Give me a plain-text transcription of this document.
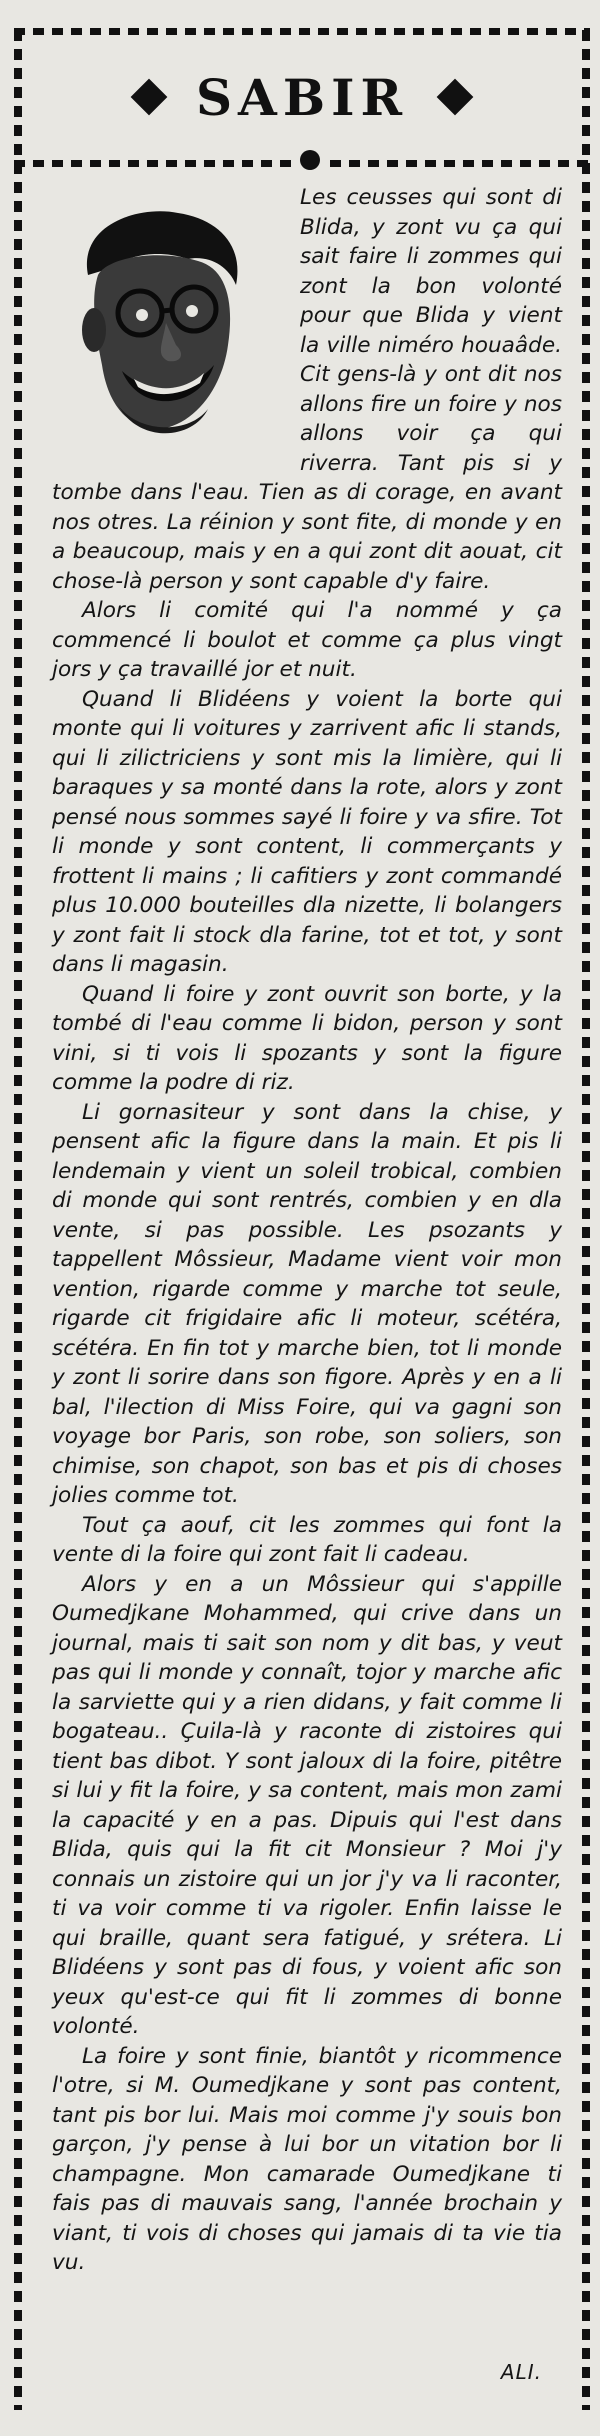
SABIR

Les ceusses qui sont di Blida, y zont vu ça qui sait faire li zommes qui zont la bon volonté pour que Blida y vient la ville niméro houaâde. Cit gens-là y ont dit nos allons fire un foire y nos allons voir ça qui riverra. Tant pis si y tombe dans l'eau. Tien as di corage, en avant nos otres. La réinion y sont fite, di monde y en a beaucoup, mais y en a qui zont dit aouat, cit chose-là person y sont capable d'y faire.

Alors li comité qui l'a nommé y ça commencé li boulot et comme ça plus vingt jors y ça travaillé jor et nuit.

Quand li Blidéens y voient la borte qui monte qui li voitures y zarrivent afic li stands, qui li zilictriciens y sont mis la limière, qui li baraques y sa monté dans la rote, alors y zont pensé nous sommes sayé li foire y va sfire. Tot li monde y sont content, li commerçants y frottent li mains ; li cafitiers y zont commandé plus 10.000 bouteilles dla nizette, li bolangers y zont fait li stock dla farine, tot et tot, y sont dans li magasin.

Quand li foire y zont ouvrit son borte, y la tombé di l'eau comme li bidon, person y sont vini, si ti vois li spozants y sont la figure comme la podre di riz.

Li gornasiteur y sont dans la chise, y pensent afic la figure dans la main. Et pis li lendemain y vient un soleil trobical, combien di monde qui sont rentrés, combien y en dla vente, si pas possible. Les psozants y tappellent Môssieur, Madame vient voir mon vention, rigarde comme y marche tot seule, rigarde cit frigidaire afic li moteur, scétéra, scétéra. En fin tot y marche bien, tot li monde y zont li sorire dans son figore. Après y en a li bal, l'ilection di Miss Foire, qui va gagni son voyage bor Paris, son robe, son soliers, son chimise, son chapot, son bas et pis di choses jolies comme tot.

Tout ça aouf, cit les zommes qui font la vente di la foire qui zont fait li cadeau.

Alors y en a un Môssieur qui s'appille Oumedjkane Mohammed, qui crive dans un journal, mais ti sait son nom y dit bas, y veut pas qui li monde y connaît, tojor y marche afic la sarviette qui y a rien didans, y fait comme li bogateau.. Çuila-là y raconte di zistoires qui tient bas dibot. Y sont jaloux di la foire, pitêtre si lui y fit la foire, y sa content, mais mon zami la capacité y en a pas. Dipuis qui l'est dans Blida, quis qui la fit cit Monsieur ? Moi j'y connais un zistoire qui un jor j'y va li raconter, ti va voir comme ti va rigoler. Enfin laisse le qui braille, quant sera fatigué, y srétera. Li Blidéens y sont pas di fous, y voient afic son yeux qu'est-ce qui fit li zommes di bonne volonté.

La foire y sont finie, biantôt y ricommence l'otre, si M. Oumedjkane y sont pas content, tant pis bor lui. Mais moi comme j'y souis bon garçon, j'y pense à lui bor un vitation bor li champagne. Mon camarade Oumedjkane ti fais pas di mauvais sang, l'année brochain y viant, ti vois di choses qui jamais di ta vie tia vu.

ALI.
